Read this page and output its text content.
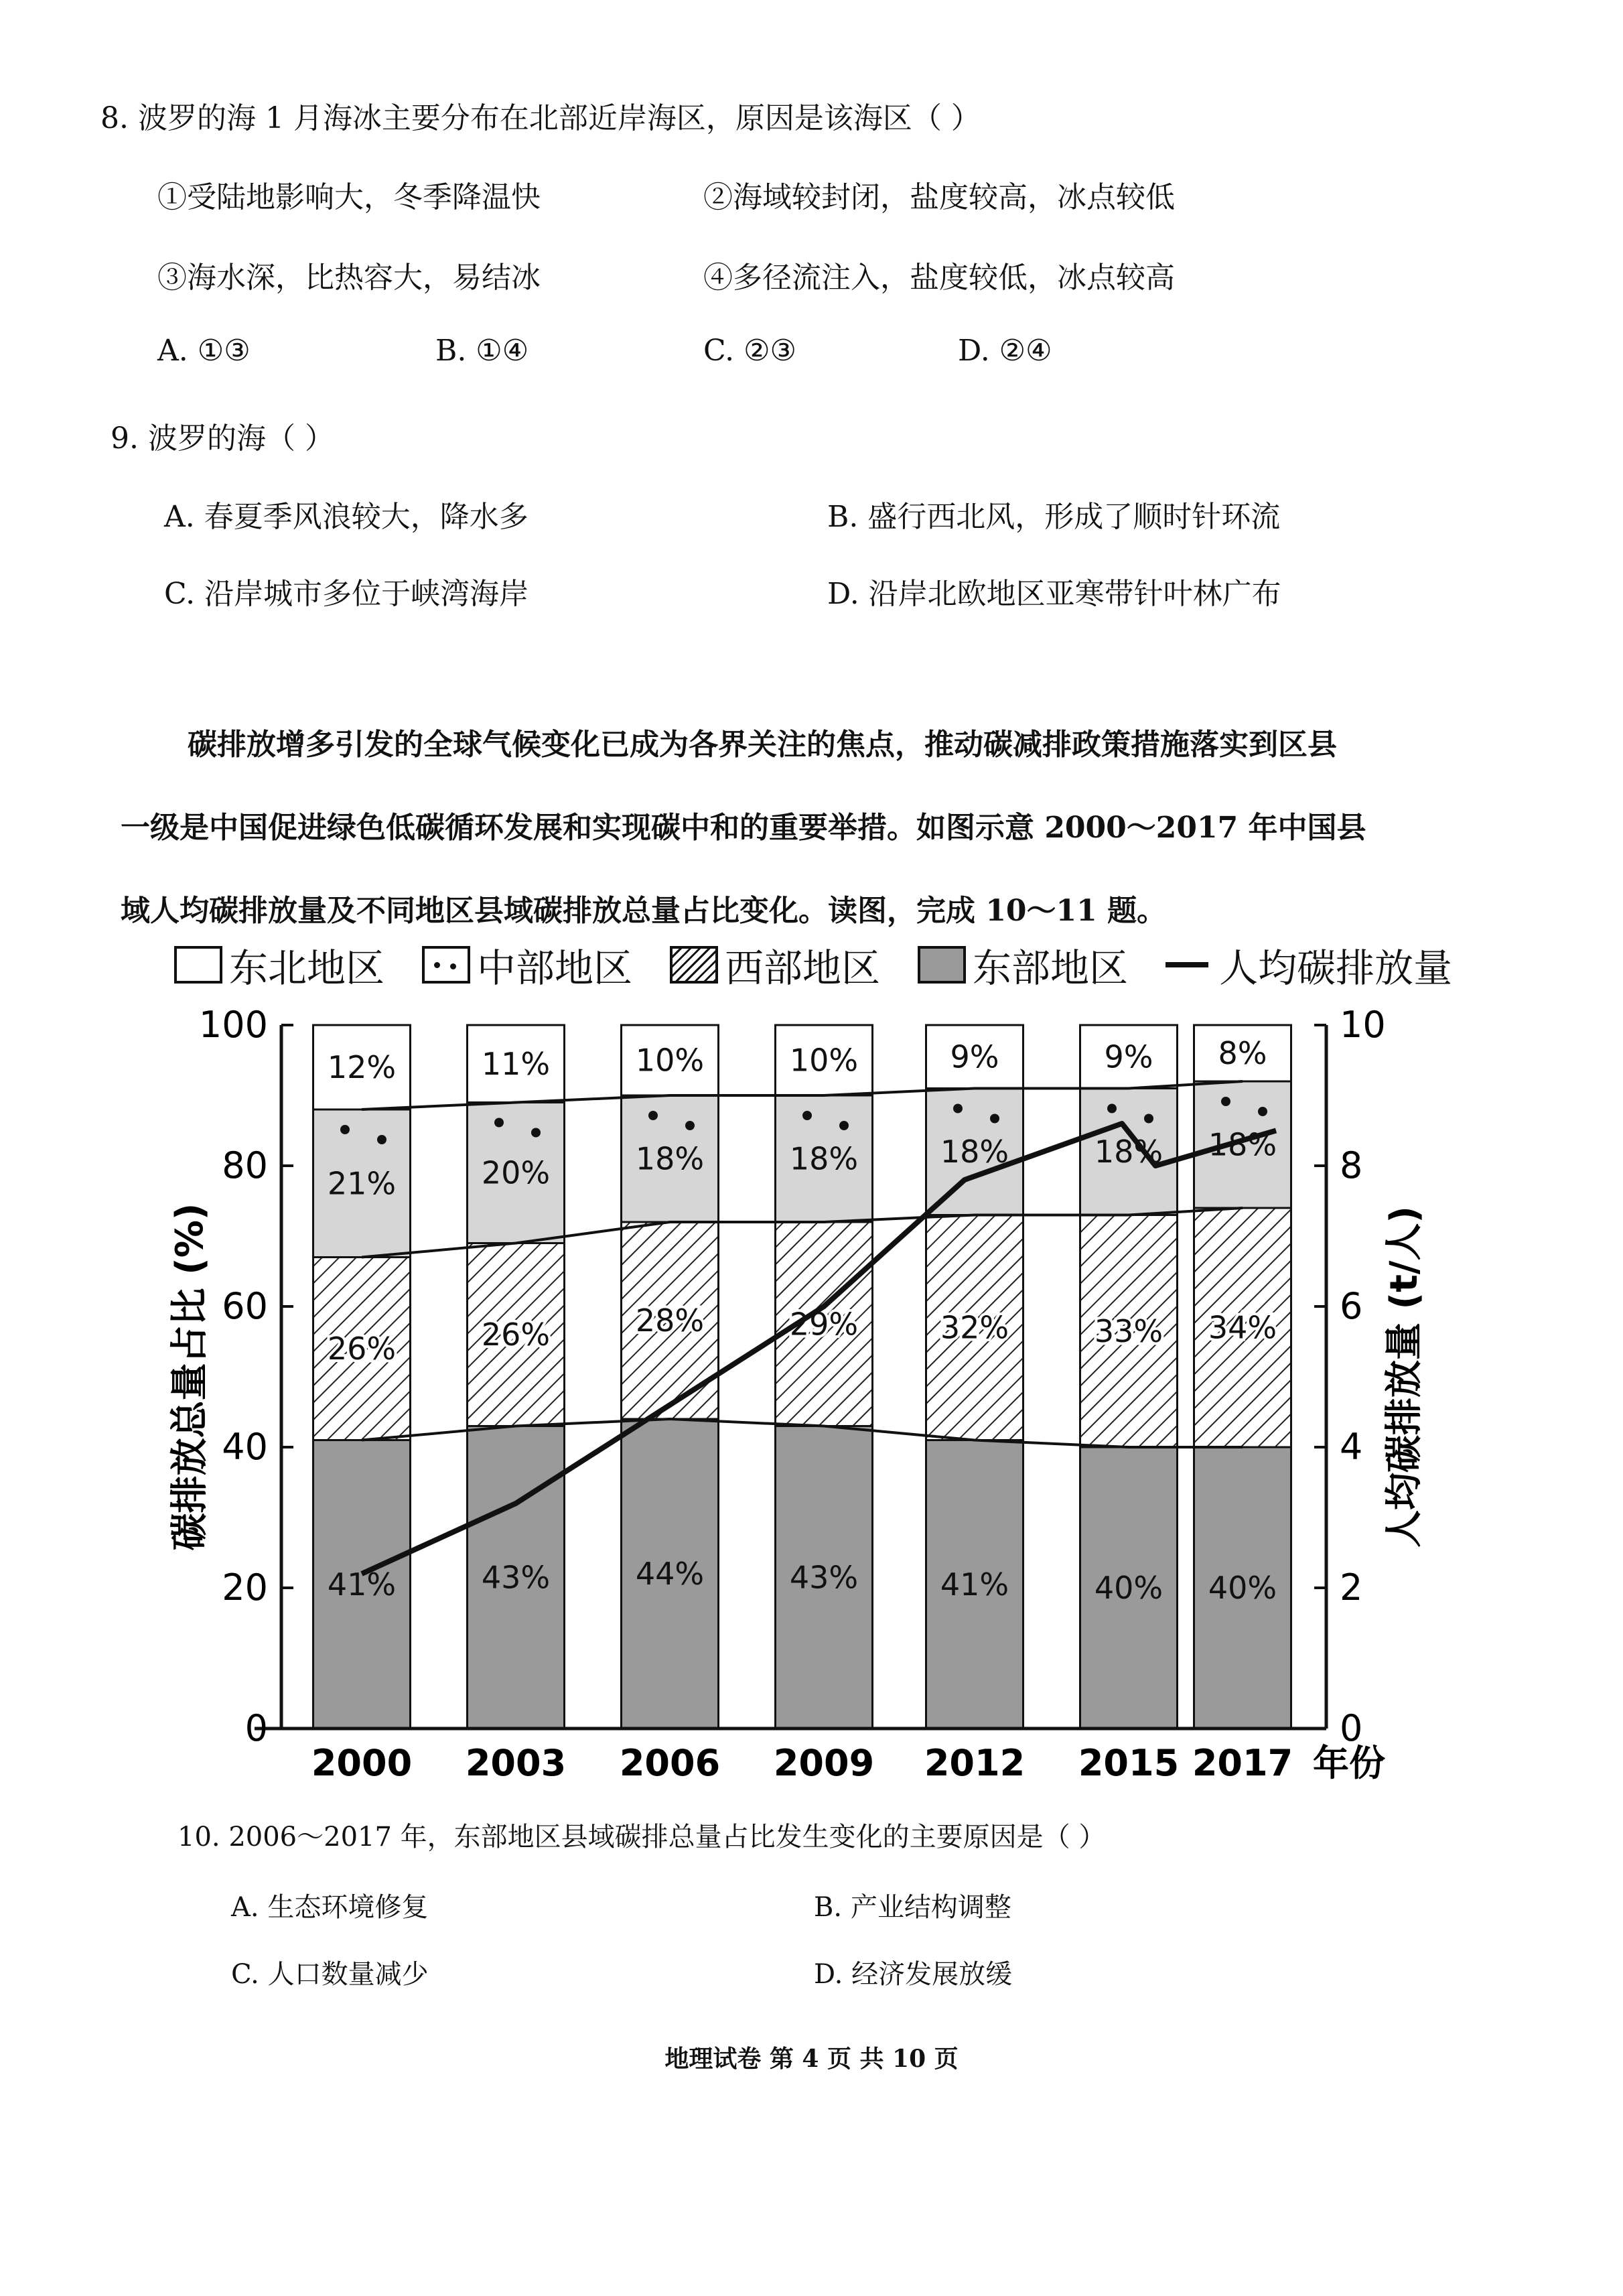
8. 波罗的海 1 月海冰主要分布在北部近岸海区，原因是该海区（ ）
①受陆地影响大，冬季降温快	②海域较封闭，盐度较高，冰点较低
③海水深，比热容大，易结冰	④多径流注入，盐度较低，冰点较高
A. ①③	B. ①④	C. ②③	D. ②④
9. 波罗的海（ ）
A. 春夏季风浪较大，降水多	B. 盛行西北风，形成了顺时针环流
C. 沿岸城市多位于峡湾海岸	D. 沿岸北欧地区亚寒带针叶林广布
碳排放增多引发的全球气候变化已成为各界关注的焦点，推动碳减排政策措施落实到区县
一级是中国促进绿色低碳循环发展和实现碳中和的重要举措。如图示意 2000～2017 年中国县
域人均碳排放量及不同地区县域碳排放总量占比变化。读图，完成 10～11 题。
东北地区 中部地区 西部地区 东部地区 人均碳排放量
41%
26%
21%
12%
43%
26%
20%
11%
44%
28%
18%
10%
43%
29%
18%
10%
41%
32%
18%
9%
40%
33%
18%
9%
40%
34%
18%
8%
0
20
40
60
80
100
0
2
4
6
8
10
2000 2003 2006 2009 2012 2015 2017 年份
碳排放总量占比 (%)	人均碳排放量 (t/人)
10. 2006～2017 年，东部地区县域碳排总量占比发生变化的主要原因是（ ）
A. 生态环境修复	B. 产业结构调整
C. 人口数量减少	D. 经济发展放缓
地理试卷 第 4 页 共 10 页
